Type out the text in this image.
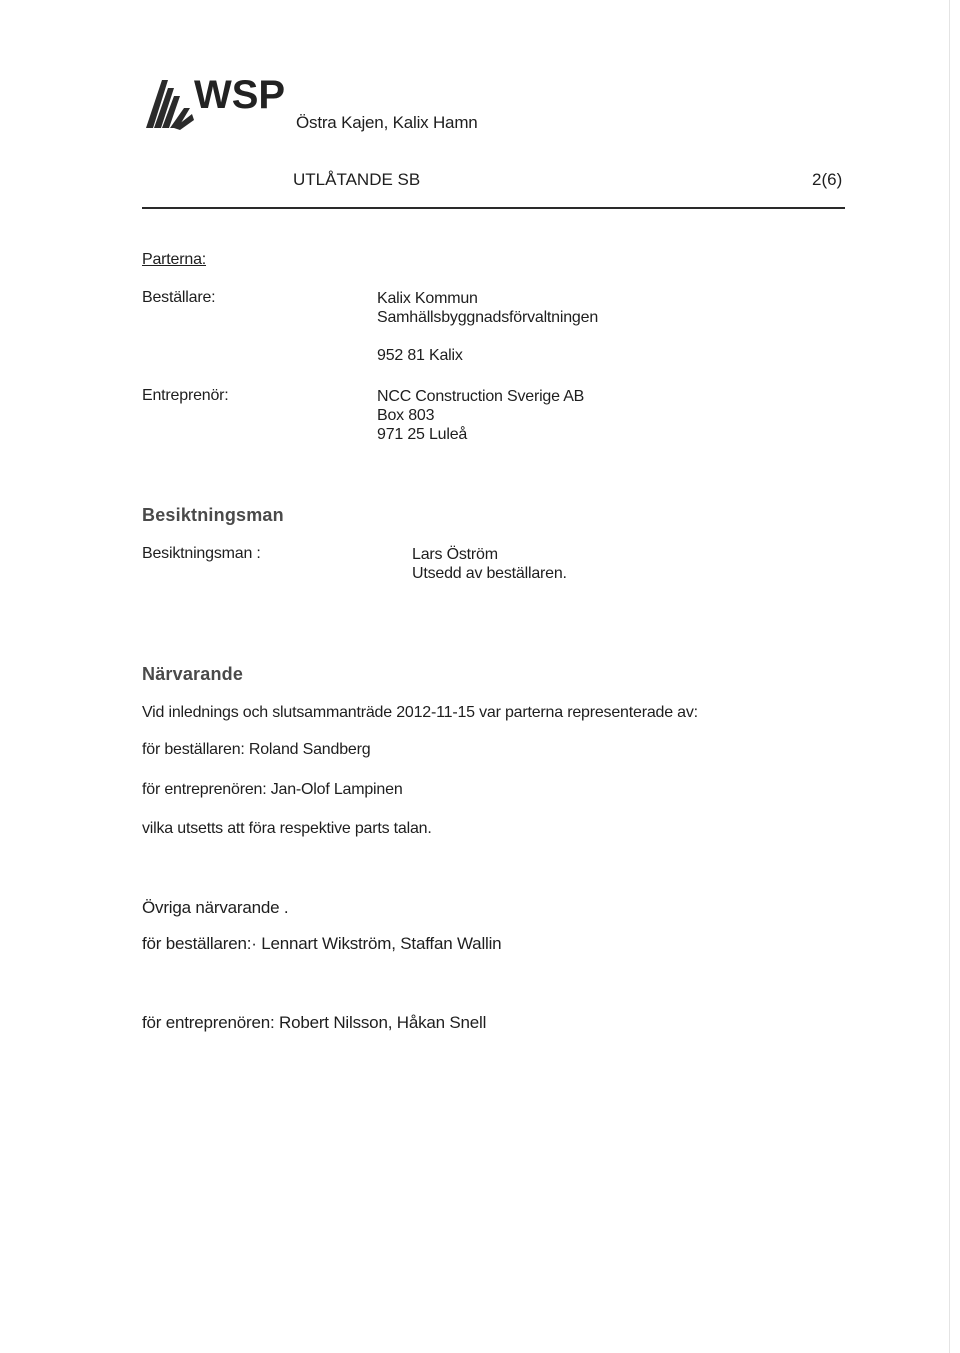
WSP
Östra Kajen, Kalix Hamn
UTLÅTANDE SB	2(6)
Parterna:
Beställare:	Kalix Kommun
Samhällsbyggnadsförvaltningen
952 81 Kalix
Entreprenör:	NCC Construction Sverige AB
Box 803
971 25 Luleå
Besiktningsman
Besiktningsman :	Lars Öström
Utsedd av beställaren.
Närvarande
Vid inlednings och slutsammanträde 2012-11-15 var parterna representerade av:
för beställaren: Roland Sandberg
för entreprenören: Jan-Olof Lampinen
vilka utsetts att föra respektive parts talan.
Övriga närvarande .
för beställaren:· Lennart Wikström, Staffan Wallin
för entreprenören: Robert Nilsson, Håkan Snell
